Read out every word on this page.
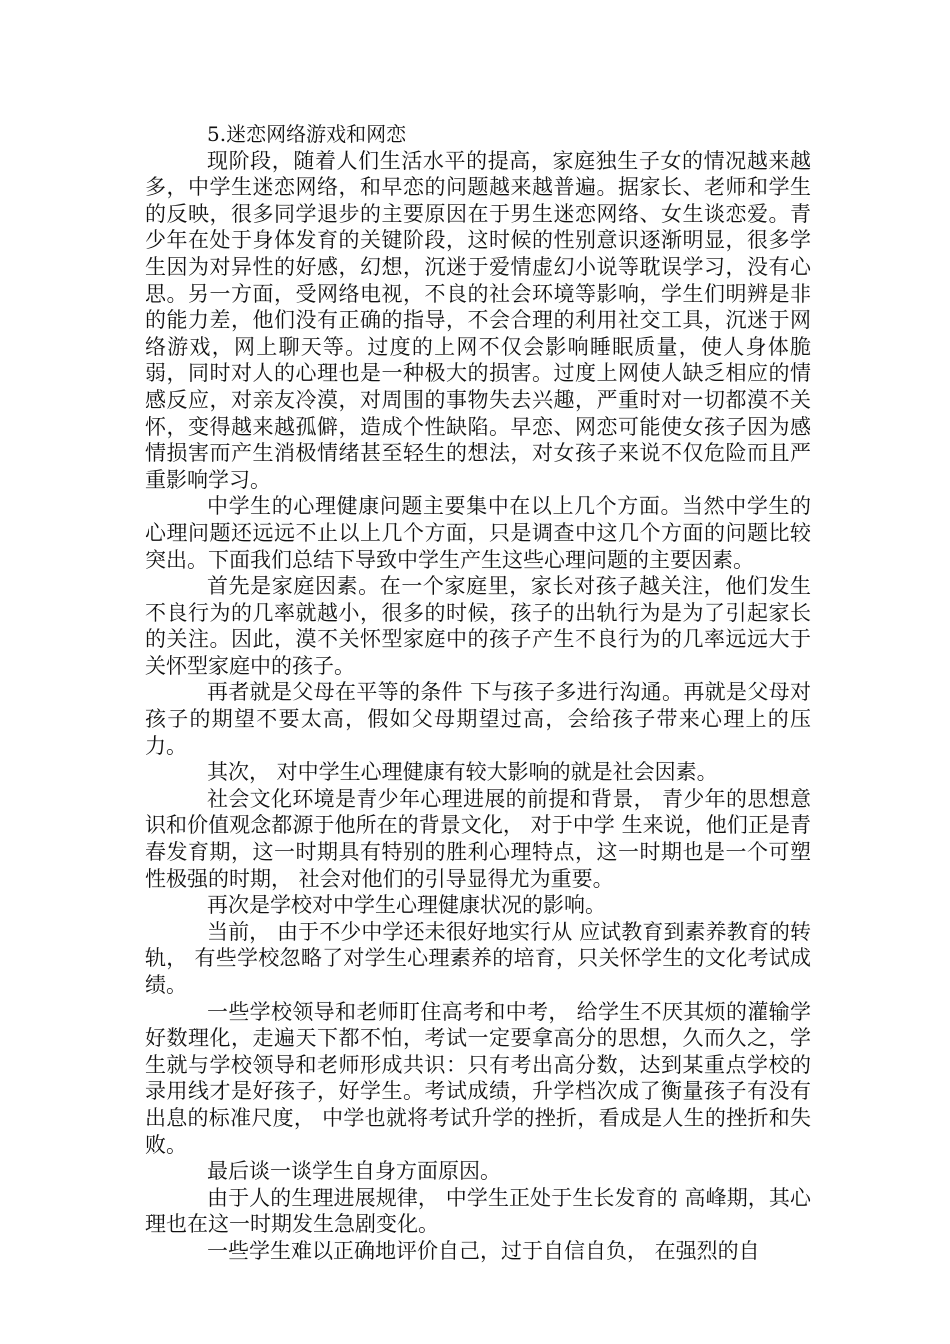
5.迷恋网络游戏和网恋

现阶段，随着人们生活水平的提高，家庭独生子女的情况越来越多，中学生迷恋网络，和早恋的问题越来越普遍。据家长、老师和学生的反映，很多同学退步的主要原因在于男生迷恋网络、女生谈恋爱。青少年在处于身体发育的关键阶段，这时候的性别意识逐渐明显，很多学生因为对异性的好感，幻想，沉迷于爱情虚幻小说等耽误学习，没有心思。另一方面，受网络电视，不良的社会环境等影响，学生们明辨是非的能力差，他们没有正确的指导，不会合理的利用社交工具，沉迷于网络游戏，网上聊天等。过度的上网不仅会影响睡眠质量，使人身体脆弱，同时对人的心理也是一种极大的损害。过度上网使人缺乏相应的情感反应，对亲友冷漠，对周围的事物失去兴趣，严重时对一切都漠不关怀，变得越来越孤僻，造成个性缺陷。早恋、网恋可能使女孩子因为感情损害而产生消极情绪甚至轻生的想法，对女孩子来说不仅危险而且严重影响学习。

中学生的心理健康问题主要集中在以上几个方面。当然中学生的心理问题还远远不止以上几个方面，只是调查中这几个方面的问题比较突出。下面我们总结下导致中学生产生这些心理问题的主要因素。

首先是家庭因素。在一个家庭里，家长对孩子越关注，他们发生不良行为的几率就越小，很多的时候，孩子的出轨行为是为了引起家长的关注。因此，漠不关怀型家庭中的孩子产生不良行为的几率远远大于关怀型家庭中的孩子。

再者就是父母在平等的条件 下与孩子多进行沟通。再就是父母对孩子的期望不要太高，假如父母期望过高，会给孩子带来心理上的压力。

其次， 对中学生心理健康有较大影响的就是社会因素。

社会文化环境是青少年心理进展的前提和背景， 青少年的思想意识和价值观念都源于他所在的背景文化， 对于中学 生来说，他们正是青春发育期，这一时期具有特别的胜利心理特点，这一时期也是一个可塑性极强的时期， 社会对他们的引导显得尤为重要。

再次是学校对中学生心理健康状况的影响。

当前， 由于不少中学还未很好地实行从 应试教育到素养教育的转轨， 有些学校忽略了对学生心理素养的培育，只关怀学生的文化考试成绩。

一些学校领导和老师盯住高考和中考， 给学生不厌其烦的灌输学好数理化，走遍天下都不怕，考试一定要拿高分的思想，久而久之，学生就与学校领导和老师形成共识：只有考出高分数，达到某重点学校的录用线才是好孩子，好学生。考试成绩，升学档次成了衡量孩子有没有出息的标准尺度， 中学也就将考试升学的挫折，看成是人生的挫折和失败。

最后谈一谈学生自身方面原因。

由于人的生理进展规律， 中学生正处于生长发育的 高峰期，其心理也在这一时期发生急剧变化。

一些学生难以正确地评价自己，过于自信自负， 在强烈的自
